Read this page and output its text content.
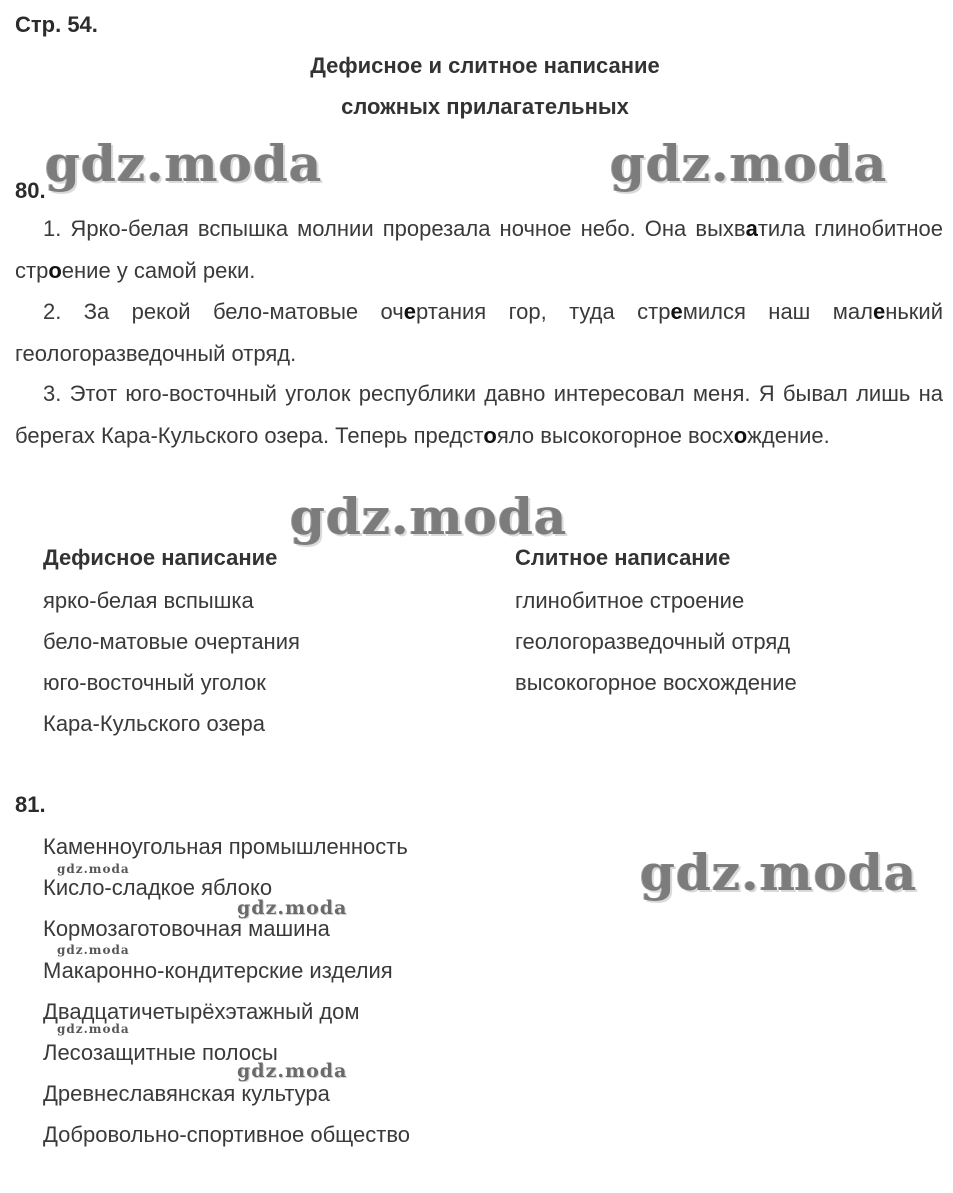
Стр. 54.
Дефисное и слитное написание
сложных прилагательных
gdz.moda	gdz.moda
gdz.moda
gdz.moda
gdz.moda
gdz.moda
gdz.moda
gdz.moda
gdz.moda
80.
1. Ярко-белая вспышка молнии прорезала ночное небо. Она выхватила глинобитное строение у самой реки.
2. За рекой бело-матовые очертания гор, туда стремился наш маленький геологоразведочный отряд.
3. Этот юго-восточный уголок республики давно интересовал меня. Я бывал лишь на берегах Кара-Кульского озера. Теперь предстояло высокогорное восхождение.
Дефисное написание	Слитное написание
ярко-белая вспышка
бело-матовые очертания
юго-восточный уголок
Кара-Кульского озера
глинобитное строение
геологоразведочный отряд
высокогорное восхождение
81.
Каменноугольная промышленность
Кисло-сладкое яблоко
Кормозаготовочная машина
Макаронно-кондитерские изделия
Двадцатичетырёхэтажный дом
Лесозащитные полосы
Древнеславянская культура
Добровольно-спортивное общество
